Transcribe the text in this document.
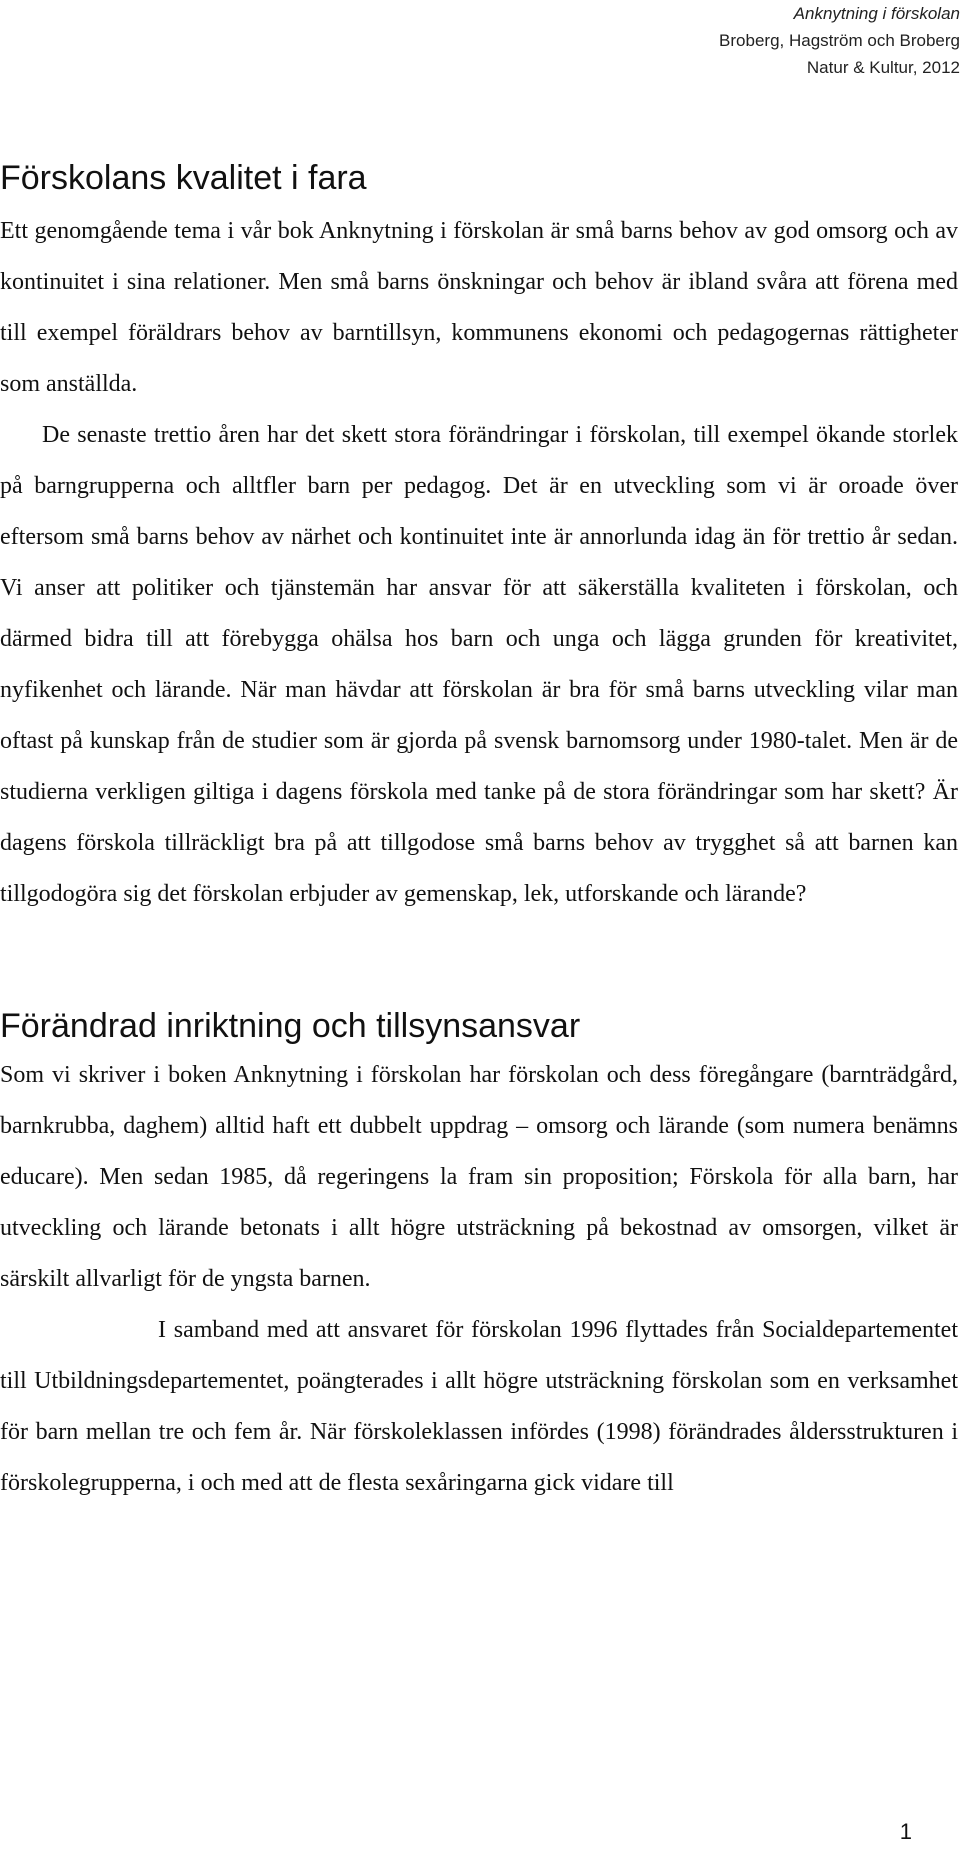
Anknytning i förskolan
Broberg, Hagström och Broberg
Natur & Kultur, 2012
Förskolans kvalitet i fara

Ett genomgående tema i vår bok Anknytning i förskolan är små barns behov av god omsorg och av kontinuitet i sina relationer. Men små barns önskningar och behov är ibland svåra att förena med till exempel föräldrars behov av barntillsyn, kommunens ekonomi och pedagogernas rättigheter som anställda.

De senaste trettio åren har det skett stora förändringar i förskolan, till exempel ökande storlek på barngrupperna och alltfler barn per pedagog. Det är en utveckling som vi är oroade över eftersom små barns behov av närhet och kontinuitet inte är annorlunda idag än för trettio år sedan. Vi anser att politiker och tjänstemän har ansvar för att säkerställa kvaliteten i förskolan, och därmed bidra till att förebygga ohälsa hos barn och unga och lägga grunden för kreativitet, nyfikenhet och lärande. När man hävdar att förskolan är bra för små barns utveckling vilar man oftast på kunskap från de studier som är gjorda på svensk barnomsorg under 1980-talet. Men är de studierna verkligen giltiga i dagens förskola med tanke på de stora förändringar som har skett? Är dagens förskola tillräckligt bra på att tillgodose små barns behov av trygghet så att barnen kan tillgodogöra sig det förskolan erbjuder av gemenskap, lek, utforskande och lärande?

Förändrad inriktning och tillsynsansvar

Som vi skriver i boken Anknytning i förskolan har förskolan och dess föregångare (barnträdgård, barnkrubba, daghem) alltid haft ett dubbelt uppdrag – omsorg och lärande (som numera benämns educare). Men sedan 1985, då regeringens la fram sin proposition; Förskola för alla barn, har utveckling och lärande betonats i allt högre utsträckning på bekostnad av omsorgen, vilket är särskilt allvarligt för de yngsta barnen.

I samband med att ansvaret för förskolan 1996 flyttades från Socialdepartementet till Utbildningsdepartementet, poängterades i allt högre utsträckning förskolan som en verksamhet för barn mellan tre och fem år. När förskoleklassen infördes (1998) förändrades åldersstrukturen i förskolegrupperna, i och med att de flesta sexåringarna gick vidare till

1
